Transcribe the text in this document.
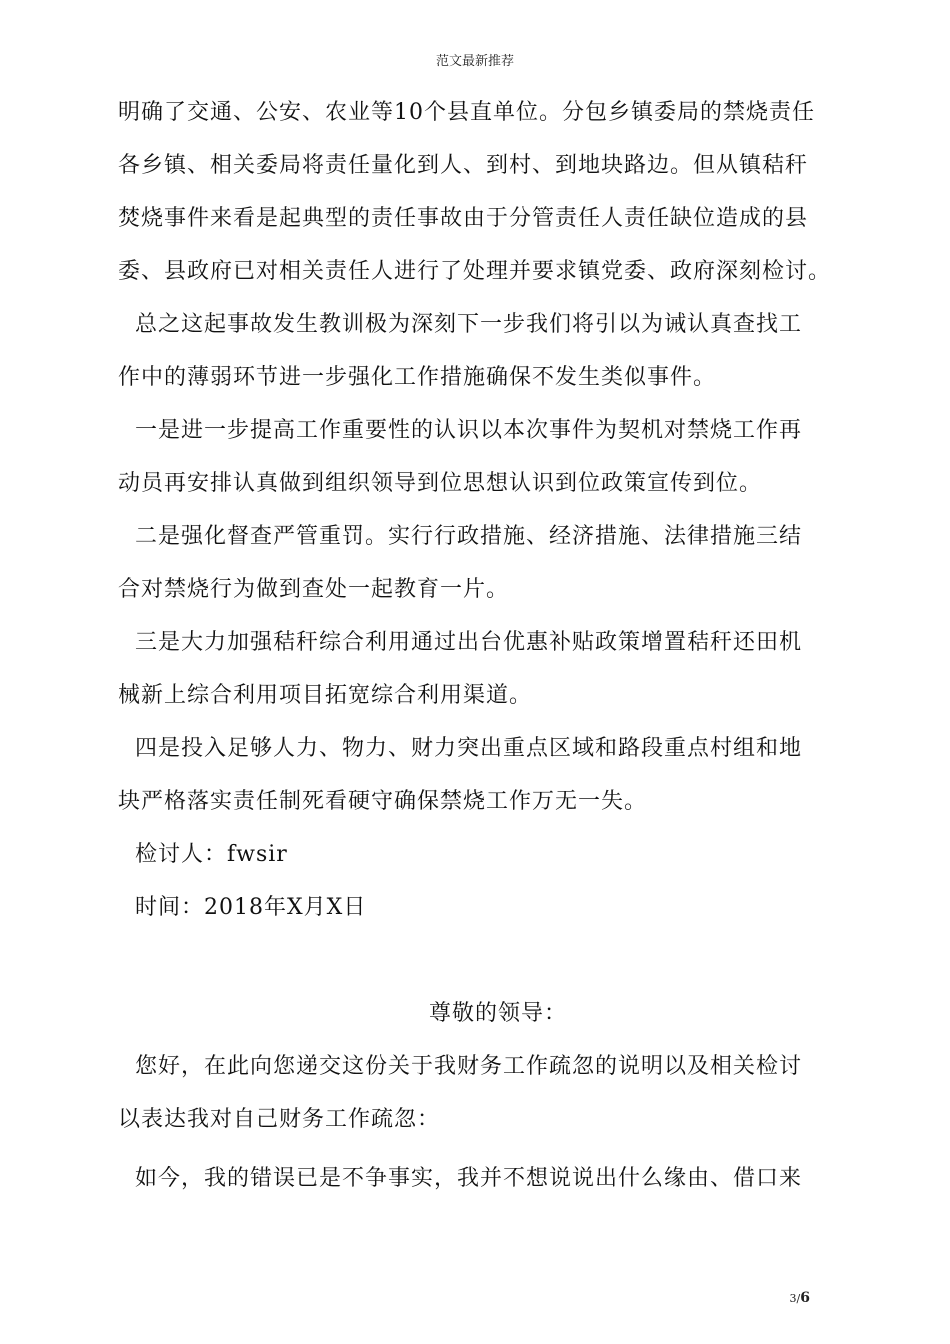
范文最新推荐

明确了交通、公安、农业等10个县直单位。分包乡镇委局的禁烧责任

各乡镇、相关委局将责任量化到人、到村、到地块路边。但从镇秸秆

焚烧事件来看是起典型的责任事故由于分管责任人责任缺位造成的县

委、县政府已对相关责任人进行了处理并要求镇党委、政府深刻检讨。

总之这起事故发生教训极为深刻下一步我们将引以为诫认真查找工

作中的薄弱环节进一步强化工作措施确保不发生类似事件。

一是进一步提高工作重要性的认识以本次事件为契机对禁烧工作再

动员再安排认真做到组织领导到位思想认识到位政策宣传到位。

二是强化督查严管重罚。实行行政措施、经济措施、法律措施三结

合对禁烧行为做到查处一起教育一片。

三是大力加强秸秆综合利用通过出台优惠补贴政策增置秸秆还田机

械新上综合利用项目拓宽综合利用渠道。

四是投入足够人力、物力、财力突出重点区域和路段重点村组和地

块严格落实责任制死看硬守确保禁烧工作万无一失。

检讨人：fwsir

时间：2018年X月X日

尊敬的领导：

您好，在此向您递交这份关于我财务工作疏忽的说明以及相关检讨

以表达我对自己财务工作疏忽：

如今，我的错误已是不争事实，我并不想说说出什么缘由、借口来

3/6
